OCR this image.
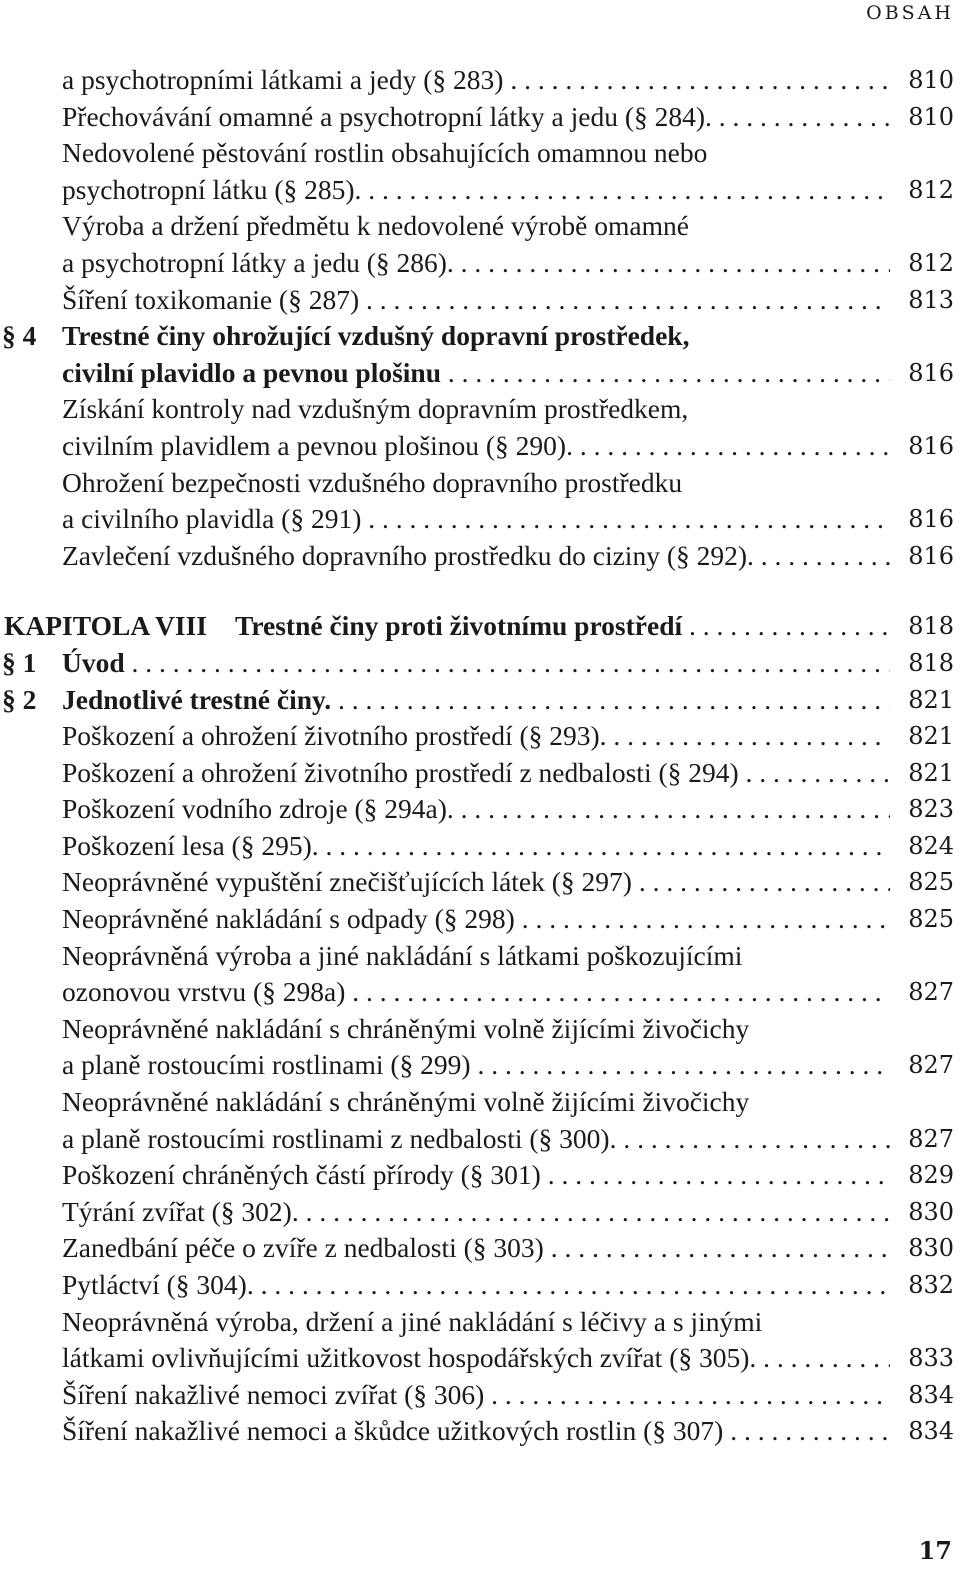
OBSAH
a psychotropními látkami a jedy (§ 283) . . .	810
Přechovávání omamné a psychotropní látky a jedu (§ 284). . . .	810
Nedovolené pěstování rostlin obsahujících omamnou nebo
psychotropní látku (§ 285). . . .	812
Výroba a držení předmětu k nedovolené výrobě omamné
a psychotropní látky a jedu (§ 286). . . .	812
Šíření toxikomanie (§ 287) . . .	813
§ 4 Trestné činy ohrožující vzdušný dopravní prostředek,
civilní plavidlo a pevnou plošinu . . .	816
Získání kontroly nad vzdušným dopravním prostředkem,
civilním plavidlem a pevnou plošinou (§ 290). . . .	816
Ohrožení bezpečnosti vzdušného dopravního prostředku
a civilního plavidla (§ 291) . . .	816
Zavlečení vzdušného dopravního prostředku do ciziny (§ 292). . . .	816
KAPITOLA VIII Trestné činy proti životnímu prostředí . . .	818
§ 1 Úvod . . .	818
§ 2 Jednotlivé trestné činy. . . .	821
Poškození a ohrožení životního prostředí (§ 293). . . .	821
Poškození a ohrožení životního prostředí z nedbalosti (§ 294) . . .	821
Poškození vodního zdroje (§ 294a). . . .	823
Poškození lesa (§ 295). . . .	824
Neoprávněné vypuštění znečišťujících látek (§ 297) . . .	825
Neoprávněné nakládání s odpady (§ 298) . . .	825
Neoprávněná výroba a jiné nakládání s látkami poškozujícími
ozonovou vrstvu (§ 298a) . . .	827
Neoprávněné nakládání s chráněnými volně žijícími živočichy
a planě rostoucími rostlinami (§ 299) . . .	827
Neoprávněné nakládání s chráněnými volně žijícími živočichy
a planě rostoucími rostlinami z nedbalosti (§ 300). . . .	827
Poškození chráněných částí přírody (§ 301) . . .	829
Týrání zvířat (§ 302). . . .	830
Zanedbání péče o zvíře z nedbalosti (§ 303) . . .	830
Pytláctví (§ 304). . . .	832
Neoprávněná výroba, držení a jiné nakládání s léčivy a s jinými
látkami ovlivňujícími užitkovost hospodářských zvířat (§ 305). . . .	833
Šíření nakažlivé nemoci zvířat (§ 306) . . .	834
Šíření nakažlivé nemoci a škůdce užitkových rostlin (§ 307) . . .	834
17
